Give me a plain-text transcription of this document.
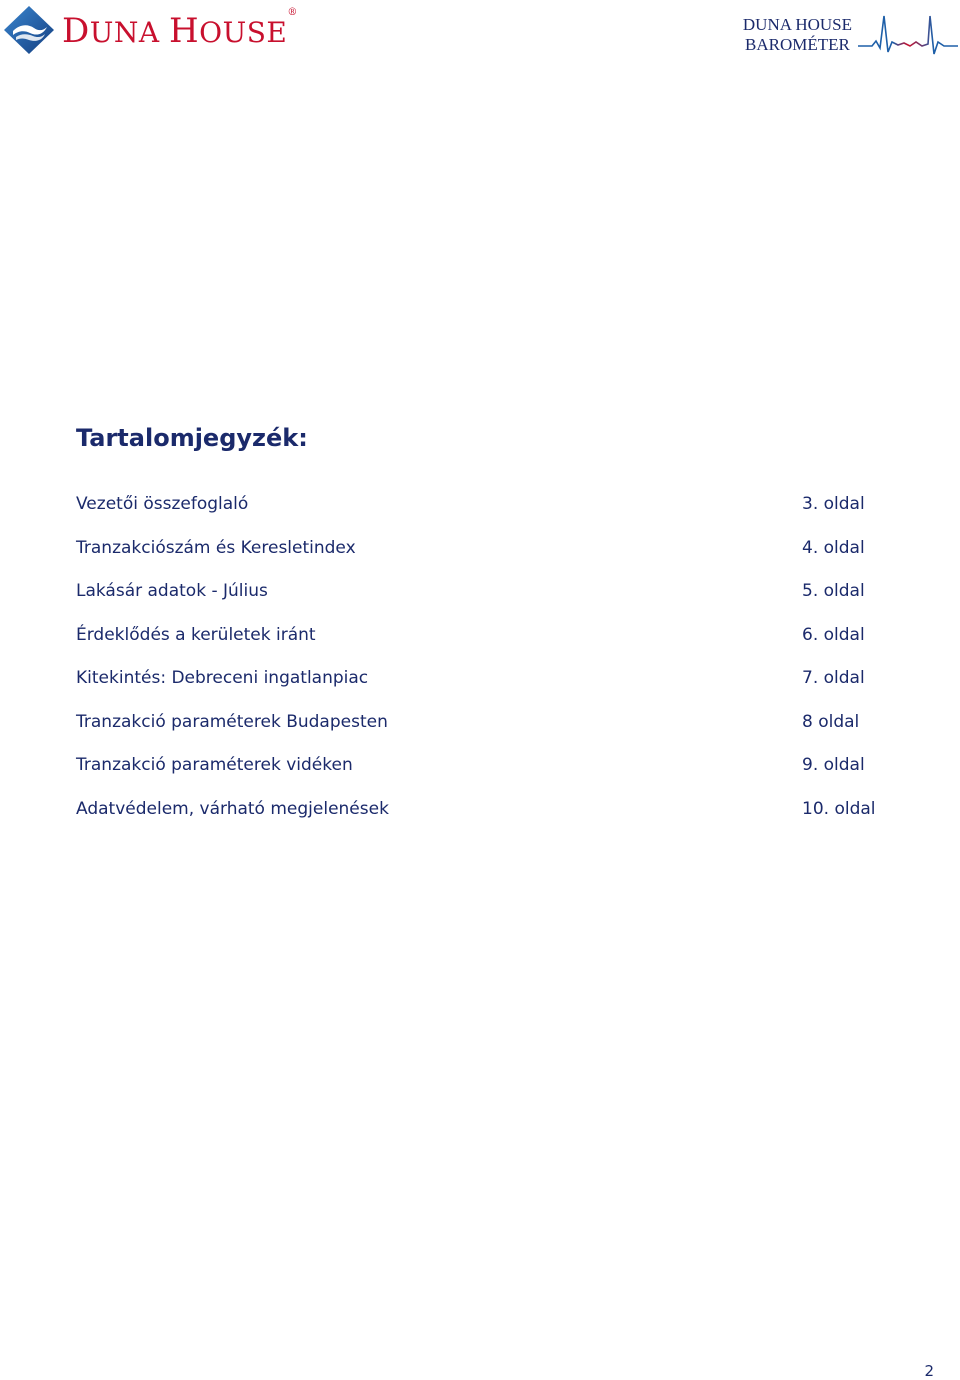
DUNA HOUSE®
DUNA HOUSE
BAROMÉTER
Tartalomjegyzék:
Vezetői összefoglaló	3. oldal
Tranzakciószám és Keresletindex	4. oldal
Lakásár adatok - Július	5. oldal
Érdeklődés a kerületek iránt	6. oldal
Kitekintés: Debreceni ingatlanpiac	7. oldal
Tranzakció paraméterek Budapesten	8 oldal
Tranzakció paraméterek vidéken	9. oldal
Adatvédelem, várható megjelenések	10. oldal
2
